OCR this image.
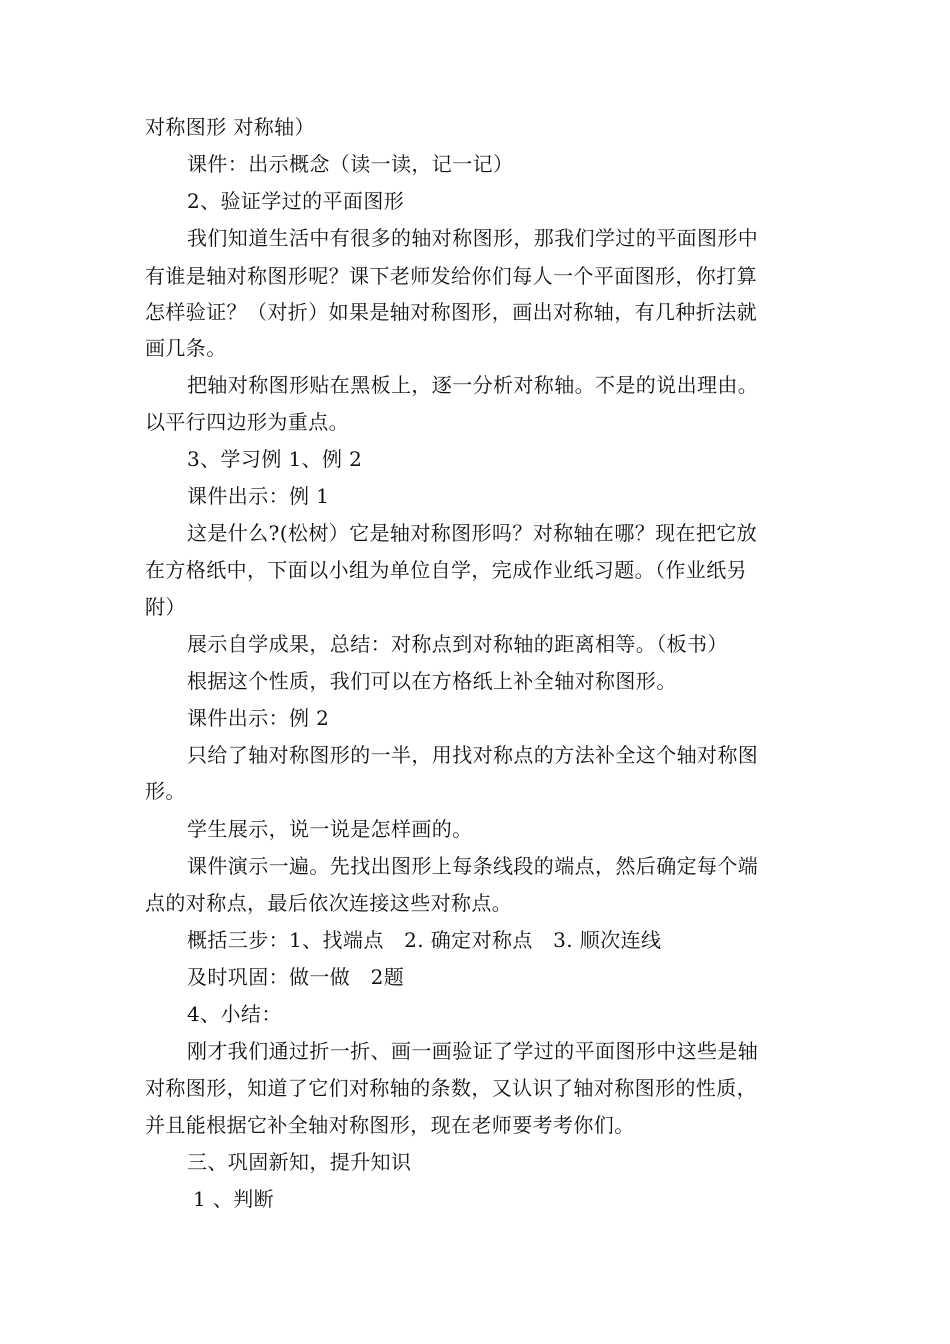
对称图形 对称轴）
课件：出示概念（读一读，记一记）
2、验证学过的平面图形
我们知道生活中有很多的轴对称图形，那我们学过的平面图形中
有谁是轴对称图形呢？课下老师发给你们每人一个平面图形，你打算
怎样验证？（对折）如果是轴对称图形，画出对称轴，有几种折法就
画几条。
把轴对称图形贴在黑板上，逐一分析对称轴。不是的说出理由。
以平行四边形为重点。
3、学习例 1、例 2
课件出示：例 1
这是什么?(松树）它是轴对称图形吗？对称轴在哪？现在把它放
在方格纸中，下面以小组为单位自学，完成作业纸习题。（作业纸另
附）
展示自学成果，总结：对称点到对称轴的距离相等。（板书）
根据这个性质，我们可以在方格纸上补全轴对称图形。
课件出示：例 2
只给了轴对称图形的一半，用找对称点的方法补全这个轴对称图
形。
学生展示，说一说是怎样画的。
课件演示一遍。先找出图形上每条线段的端点，然后确定每个端
点的对称点，最后依次连接这些对称点。
概括三步：1、找端点　2. 确定对称点　3. 顺次连线
及时巩固：做一做　2题
4、小结：
刚才我们通过折一折、画一画验证了学过的平面图形中这些是轴
对称图形，知道了它们对称轴的条数，又认识了轴对称图形的性质，
并且能根据它补全轴对称图形，现在老师要考考你们。
三、巩固新知，提升知识
1 、判断
